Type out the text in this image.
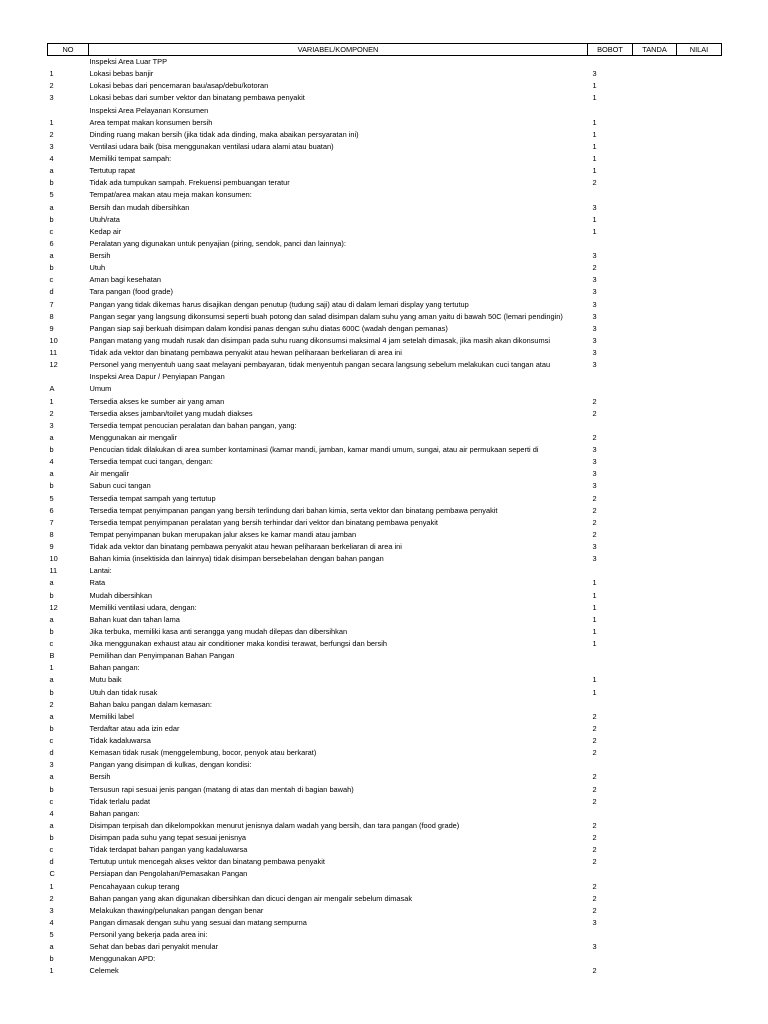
NO	VARIABEL/KOMPONEN	BOBOT	TANDA	NILAI
	Inspeksi Area Luar TPP			
1	Lokasi bebas banjir	3		
2	Lokasi bebas dari pencemaran bau/asap/debu/kotoran	1		
3	Lokasi bebas dari sumber vektor dan binatang pembawa penyakit	1		
	Inspeksi Area Pelayanan Konsumen			
1	Area tempat makan konsumen bersih	1		
2	Dinding ruang makan bersih (jika tidak ada dinding, maka abaikan persyaratan ini)	1		
3	Ventilasi udara baik (bisa menggunakan ventilasi udara alami atau buatan)	1		
4	Memiliki tempat sampah:	1		
a	Tertutup rapat	1		
b	Tidak ada tumpukan sampah. Frekuensi pembuangan teratur	2		
5	Tempat/area makan atau meja makan konsumen:			
a	Bersih dan mudah dibersihkan	3		
b	Utuh/rata	1		
c	Kedap air	1		
6	Peralatan yang digunakan untuk penyajian (piring, sendok, panci dan lainnya):			
a	Bersih	3		
b	Utuh	2		
c	Aman bagi kesehatan	3		
d	Tara pangan (food grade)	3		
7	Pangan yang tidak dikemas harus disajikan dengan penutup (tudung saji) atau di dalam lemari display yang tertutup	3		
8	Pangan segar yang langsung dikonsumsi seperti buah potong dan salad disimpan dalam suhu yang aman yaitu di bawah 50C (lemari pendingin)	3		
9	Pangan siap saji berkuah disimpan dalam kondisi panas dengan suhu diatas 600C (wadah dengan pemanas)	3		
10	Pangan matang yang mudah rusak dan disimpan pada suhu ruang dikonsumsi maksimal 4 jam setelah dimasak, jika masih akan dikonsumsi	3		
11	Tidak ada vektor dan binatang pembawa penyakit atau hewan peliharaan berkeliaran di area ini	3		
12	Personel yang menyentuh uang saat melayani pembayaran, tidak menyentuh pangan secara langsung sebelum melakukan cuci tangan atau	3		
	Inspeksi Area Dapur / Penyiapan Pangan			
A	Umum			
1	Tersedia akses ke sumber air yang aman	2		
2	Tersedia akses jamban/toilet yang mudah diakses	2		
3	Tersedia tempat pencucian peralatan dan bahan pangan, yang:			
a	Menggunakan air mengalir	2		
b	Pencucian tidak dilakukan di area sumber kontaminasi (kamar mandi, jamban, kamar mandi umum, sungai, atau air permukaan seperti di	3		
4	Tersedia tempat cuci tangan, dengan:	3		
a	Air mengalir	3		
b	Sabun cuci tangan	3		
5	Tersedia tempat sampah yang tertutup	2		
6	Tersedia tempat penyimpanan pangan yang bersih terlindung dari bahan kimia, serta vektor dan binatang pembawa penyakit	2		
7	Tersedia tempat penyimpanan peralatan yang bersih terhindar dari vektor dan binatang pembawa penyakit	2		
8	Tempat penyimpanan bukan merupakan jalur akses ke kamar mandi atau jamban	2		
9	Tidak ada vektor dan binatang pembawa penyakit atau hewan peliharaan berkeliaran di area ini	3		
10	Bahan kimia (insektisida dan lainnya) tidak disimpan bersebelahan dengan bahan pangan	3		
11	Lantai:			
a	Rata	1		
b	Mudah dibersihkan	1		
12	Memiliki ventilasi udara, dengan:	1		
a	Bahan kuat dan tahan lama	1		
b	Jika terbuka, memiliki kasa anti serangga yang mudah dilepas dan dibersihkan	1		
c	Jika menggunakan exhaust atau air conditioner maka kondisi terawat, berfungsi dan bersih	1		
B	Pemilihan dan Penyimpanan Bahan Pangan			
1	Bahan pangan:			
a	Mutu baik	1		
b	Utuh dan tidak rusak	1		
2	Bahan baku pangan dalam kemasan:			
a	Memiliki label	2		
b	Terdaftar atau ada izin edar	2		
c	Tidak kadaluwarsa	2		
d	Kemasan tidak rusak (menggelembung, bocor, penyok atau berkarat)	2		
3	Pangan yang disimpan di kulkas, dengan kondisi:			
a	Bersih	2		
b	Tersusun rapi sesuai jenis pangan (matang di atas dan mentah di bagian bawah)	2		
c	Tidak terlalu padat	2		
4	Bahan pangan:			
a	Disimpan terpisah dan dikelompokkan menurut jenisnya dalam wadah yang bersih, dan tara pangan (food grade)	2		
b	Disimpan pada suhu yang tepat sesuai jenisnya	2		
c	Tidak terdapat bahan pangan yang kadaluwarsa	2		
d	Tertutup untuk mencegah akses vektor dan binatang pembawa penyakit	2		
C	Persiapan dan Pengolahan/Pemasakan Pangan			
1	Pencahayaan cukup terang	2		
2	Bahan pangan yang akan digunakan dibersihkan dan dicuci dengan air mengalir sebelum dimasak	2		
3	Melakukan thawing/pelunakan pangan dengan benar	2		
4	Pangan dimasak dengan suhu yang sesuai dan matang sempurna	3		
5	Personil yang bekerja pada area ini:			
a	Sehat dan bebas dari penyakit menular	3		
b	Menggunakan APD:			
1	Celemek	2		
